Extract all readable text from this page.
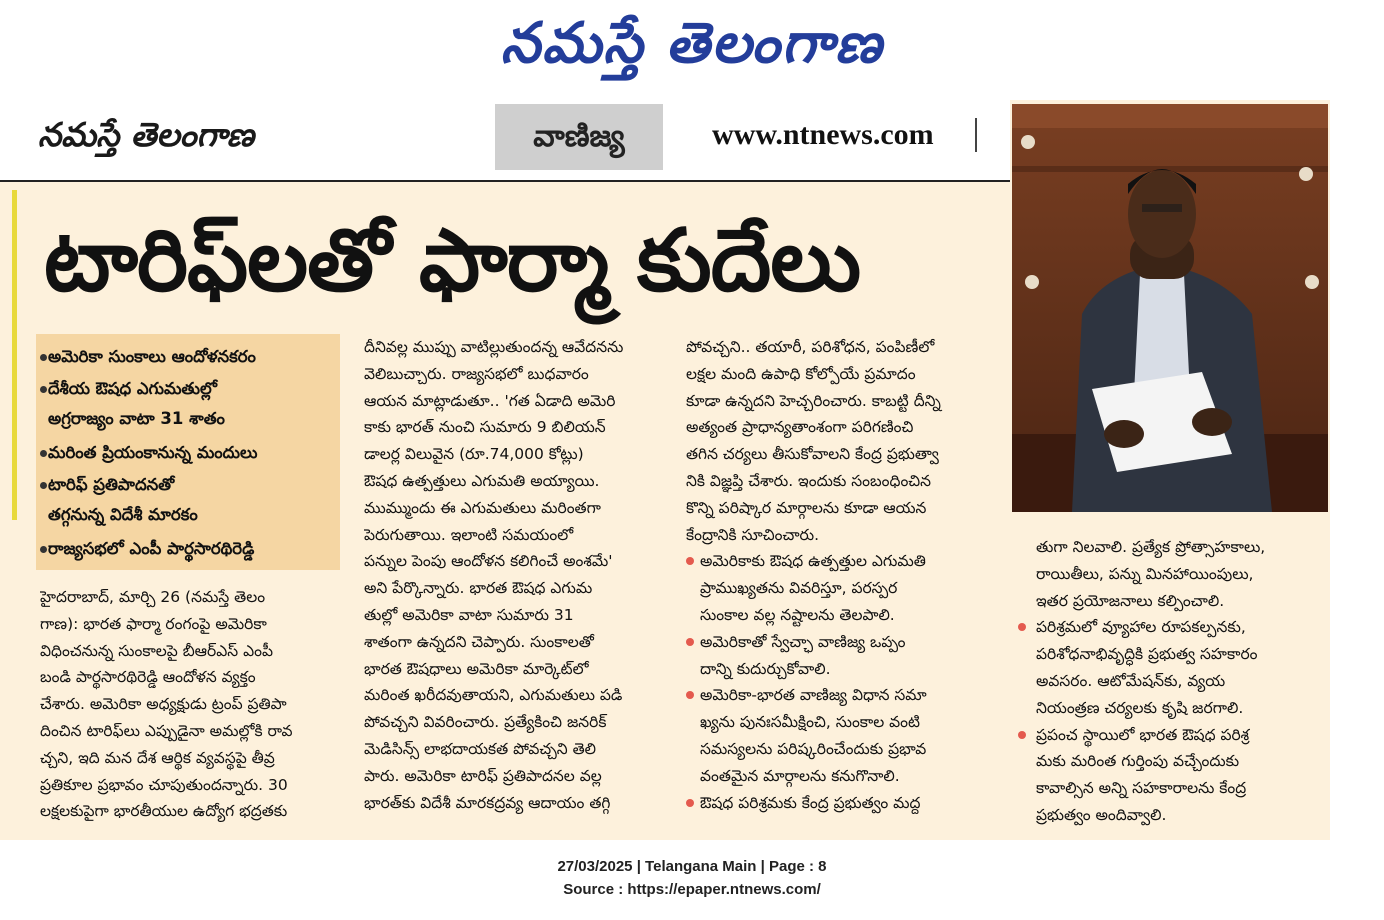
నమస్తే తెలంగాణ
నమస్తే తెలంగాణ	వాణిజ్య	www.ntnews.com
టారిఫ్‌లతో ఫార్మా కుదేలు
అమెరికా సుంకాలు ఆందోళనకరం
దేశీయ ఔషధ ఎగుమతుల్లో
అగ్రరాజ్యం వాటా 31 శాతం
మరింత ప్రియంకానున్న మందులు
టారిఫ్ ప్రతిపాదనతో
తగ్గనున్న విదేశీ మారకం
రాజ్యసభలో ఎంపీ పార్థసారథిరెడ్డి
హైదరాబాద్, మార్చి 26 (నమస్తే తెలం
గాణ): భారత ఫార్మా రంగంపై అమెరికా
విధించనున్న సుంకాలపై బీఆర్‌ఎస్ ఎంపీ
బండి పార్థసారథిరెడ్డి ఆందోళన వ్యక్తం
చేశారు. అమెరికా అధ్యక్షుడు ట్రంప్ ప్రతిపా
దించిన టారిఫ్‌లు ఎప్పుడైనా అమల్లోకి రావ
చ్చని, ఇది మన దేశ ఆర్థిక వ్యవస్థపై తీవ్ర
ప్రతికూల ప్రభావం చూపుతుందన్నారు. 30
లక్షలకుపైగా భారతీయుల ఉద్యోగ భద్రతకు
దీనివల్ల ముప్పు వాటిల్లుతుందన్న ఆవేదనను
వెలిబుచ్చారు. రాజ్యసభలో బుధవారం
ఆయన మాట్లాడుతూ.. 'గత ఏడాది అమెరి
కాకు భారత్ నుంచి సుమారు 9 బిలియన్
డాలర్ల విలువైన (రూ.74,000 కోట్లు)
ఔషధ ఉత్పత్తులు ఎగుమతి అయ్యాయి.
ముమ్ముందు ఈ ఎగుమతులు మరింతగా
పెరుగుతాయి. ఇలాంటి సమయంలో
పన్నుల పెంపు ఆందోళన కలిగించే అంశమే'
అని పేర్కొన్నారు. భారత ఔషధ ఎగుమ
తుల్లో అమెరికా వాటా సుమారు 31
శాతంగా ఉన్నదని చెప్పారు. సుంకాలతో
భారత ఔషధాలు అమెరికా మార్కెట్‌లో
మరింత ఖరీదవుతాయని, ఎగుమతులు పడి
పోవచ్చని వివరించారు. ప్రత్యేకించి జనరిక్
మెడిసిన్స్ లాభదాయకత పోవచ్చని తెలి
పారు. అమెరికా టారిఫ్ ప్రతిపాదనల వల్ల
భారత్‌కు విదేశీ మారకద్రవ్య ఆదాయం తగ్గి
పోవచ్చని.. తయారీ, పరిశోధన, పంపిణీలో
లక్షల మంది ఉపాధి కోల్పోయే ప్రమాదం
కూడా ఉన్నదని హెచ్చరించారు. కాబట్టి దీన్ని
అత్యంత ప్రాధాన్యతాంశంగా పరిగణించి
తగిన చర్యలు తీసుకోవాలని కేంద్ర ప్రభుత్వా
నికి విజ్ఞప్తి చేశారు. ఇందుకు సంబంధించిన
కొన్ని పరిష్కార మార్గాలను కూడా ఆయన
కేంద్రానికి సూచించారు.
అమెరికాకు ఔషధ ఉత్పత్తుల ఎగుమతి
ప్రాముఖ్యతను వివరిస్తూ, పరస్పర
సుంకాల వల్ల నష్టాలను తెలపాలి.
అమెరికాతో స్వేచ్ఛా వాణిజ్య ఒప్పం
దాన్ని కుదుర్చుకోవాలి.
అమెరికా-భారత వాణిజ్య విధాన సమా
ఖ్యను పునఃసమీక్షించి, సుంకాల వంటి
సమస్యలను పరిష్కరించేందుకు ప్రభావ
వంతమైన మార్గాలను కనుగొనాలి.
ఔషధ పరిశ్రమకు కేంద్ర ప్రభుత్వం మద్ద
తుగా నిలవాలి. ప్రత్యేక ప్రోత్సాహకాలు,
రాయితీలు, పన్ను మినహాయింపులు,
ఇతర ప్రయోజనాలు కల్పించాలి.
పరిశ్రమలో వ్యూహాల రూపకల్పనకు,
పరిశోధనాభివృద్ధికి ప్రభుత్వ సహకారం
అవసరం. ఆటోమేషన్‌కు, వ్యయ
నియంత్రణ చర్యలకు కృషి జరగాలి.
ప్రపంచ స్థాయిలో భారత ఔషధ పరిశ్ర
మకు మరింత గుర్తింపు వచ్చేందుకు
కావాల్సిన అన్ని సహకారాలను కేంద్ర
ప్రభుత్వం అందివ్వాలి.
27/03/2025 | Telangana Main | Page : 8
Source : https://epaper.ntnews.com/
